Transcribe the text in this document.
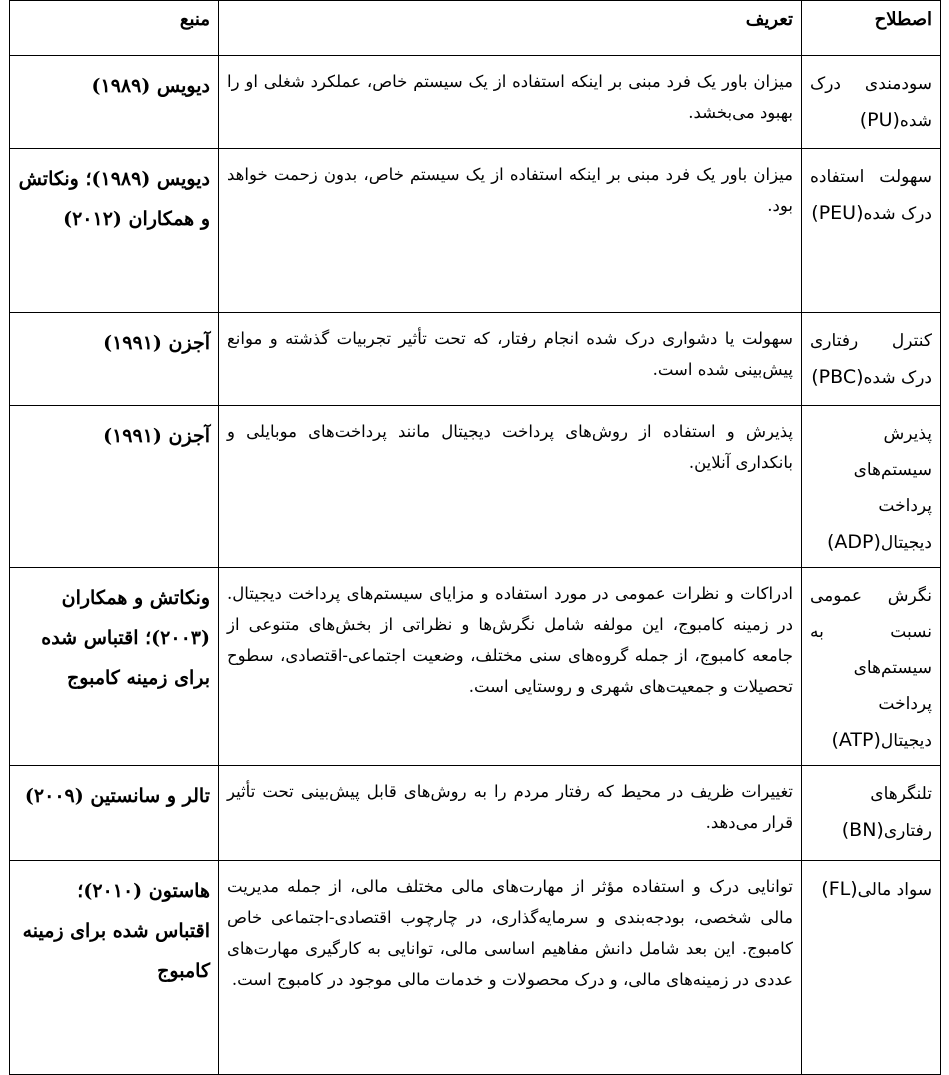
اصطلاح	تعریف	منبع
سودمندی درک شده(PU)	میزان باور یک فرد مبنی بر اینکه استفاده از یک سیستم خاص، عملکرد شغلی او را بهبود می‌بخشد.	دیویس (۱۹۸۹)
سهولت استفاده درک شده(PEU)	میزان باور یک فرد مبنی بر اینکه استفاده از یک سیستم خاص، بدون زحمت خواهد بود.	دیویس (۱۹۸۹)؛ ونکاتش و همکاران (۲۰۱۲)
کنترل رفتاری درک شده(PBC)	سهولت یا دشواری درک شده انجام رفتار، که تحت تأثیر تجربیات گذشته و موانع پیش‌بینی شده است.	آجزن (۱۹۹۱)
پذیرش سیستم‌های پرداخت دیجیتال(ADP)	پذیرش و استفاده از روش‌های پرداخت دیجیتال مانند پرداخت‌های موبایلی و بانکداری آنلاین.	آجزن (۱۹۹۱)
نگرش عمومی نسبت به سیستم‌های پرداخت دیجیتال(ATP)	ادراکات و نظرات عمومی در مورد استفاده و مزایای سیستم‌های پرداخت دیجیتال. در زمینه کامبوج، این مولفه شامل نگرش‌ها و نظراتی از بخش‌های متنوعی از جامعه کامبوج، از جمله گروه‌های سنی مختلف، وضعیت اجتماعی-اقتصادی، سطوح تحصیلات و جمعیت‌های شهری و روستایی است.	ونکاتش و همکاران (۲۰۰۳)؛ اقتباس شده برای زمینه کامبوج
تلنگرهای رفتاری(BN)	تغییرات ظریف در محیط که رفتار مردم را به روش‌های قابل پیش‌بینی تحت تأثیر قرار می‌دهد.	تالر و سانستین (۲۰۰۹)
سواد مالی(FL)	توانایی درک و استفاده مؤثر از مهارت‌های مالی مختلف مالی، از جمله مدیریت مالی شخصی، بودجه‌بندی و سرمایه‌گذاری، در چارچوب اقتصادی-اجتماعی خاص کامبوج. این بعد شامل دانش مفاهیم اساسی مالی، توانایی به کارگیری مهارت‌های عددی در زمینه‌های مالی، و درک محصولات و خدمات مالی موجود در کامبوج است.	هاستون (۲۰۱۰)؛ اقتباس شده برای زمینه کامبوج
